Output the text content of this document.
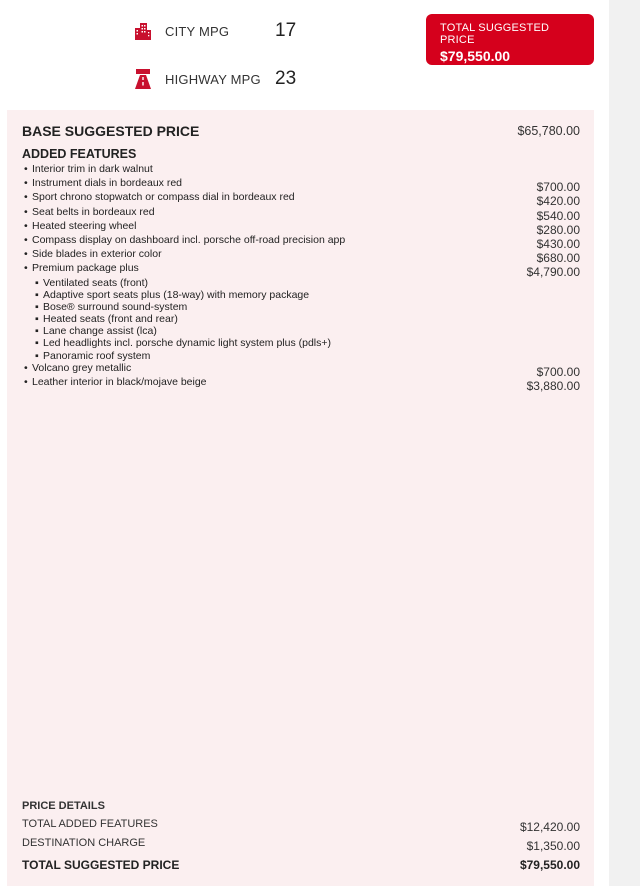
CITY MPG	17
HIGHWAY MPG 23
TOTAL SUGGESTED PRICE
$79,550.00
BASE SUGGESTED PRICE	$65,780.00
ADDED FEATURES
• Interior trim in dark walnut
• Instrument dials in bordeaux red	$700.00
• Sport chrono stopwatch or compass dial in bordeaux red	$420.00
• Seat belts in bordeaux red	$540.00
• Heated steering wheel	$280.00
• Compass display on dashboard incl. porsche off-road precision app	$430.00
• Side blades in exterior color	$680.00
• Premium package plus	$4,790.00
▪ Ventilated seats (front)
▪ Adaptive sport seats plus (18-way) with memory package
▪ Bose® surround sound-system
▪ Heated seats (front and rear)
▪ Lane change assist (lca)
▪ Led headlights incl. porsche dynamic light system plus (pdls+)
▪ Panoramic roof system
• Volcano grey metallic	$700.00
• Leather interior in black/mojave beige	$3,880.00
PRICE DETAILS
TOTAL ADDED FEATURES	$12,420.00
DESTINATION CHARGE	$1,350.00
TOTAL SUGGESTED PRICE	$79,550.00
